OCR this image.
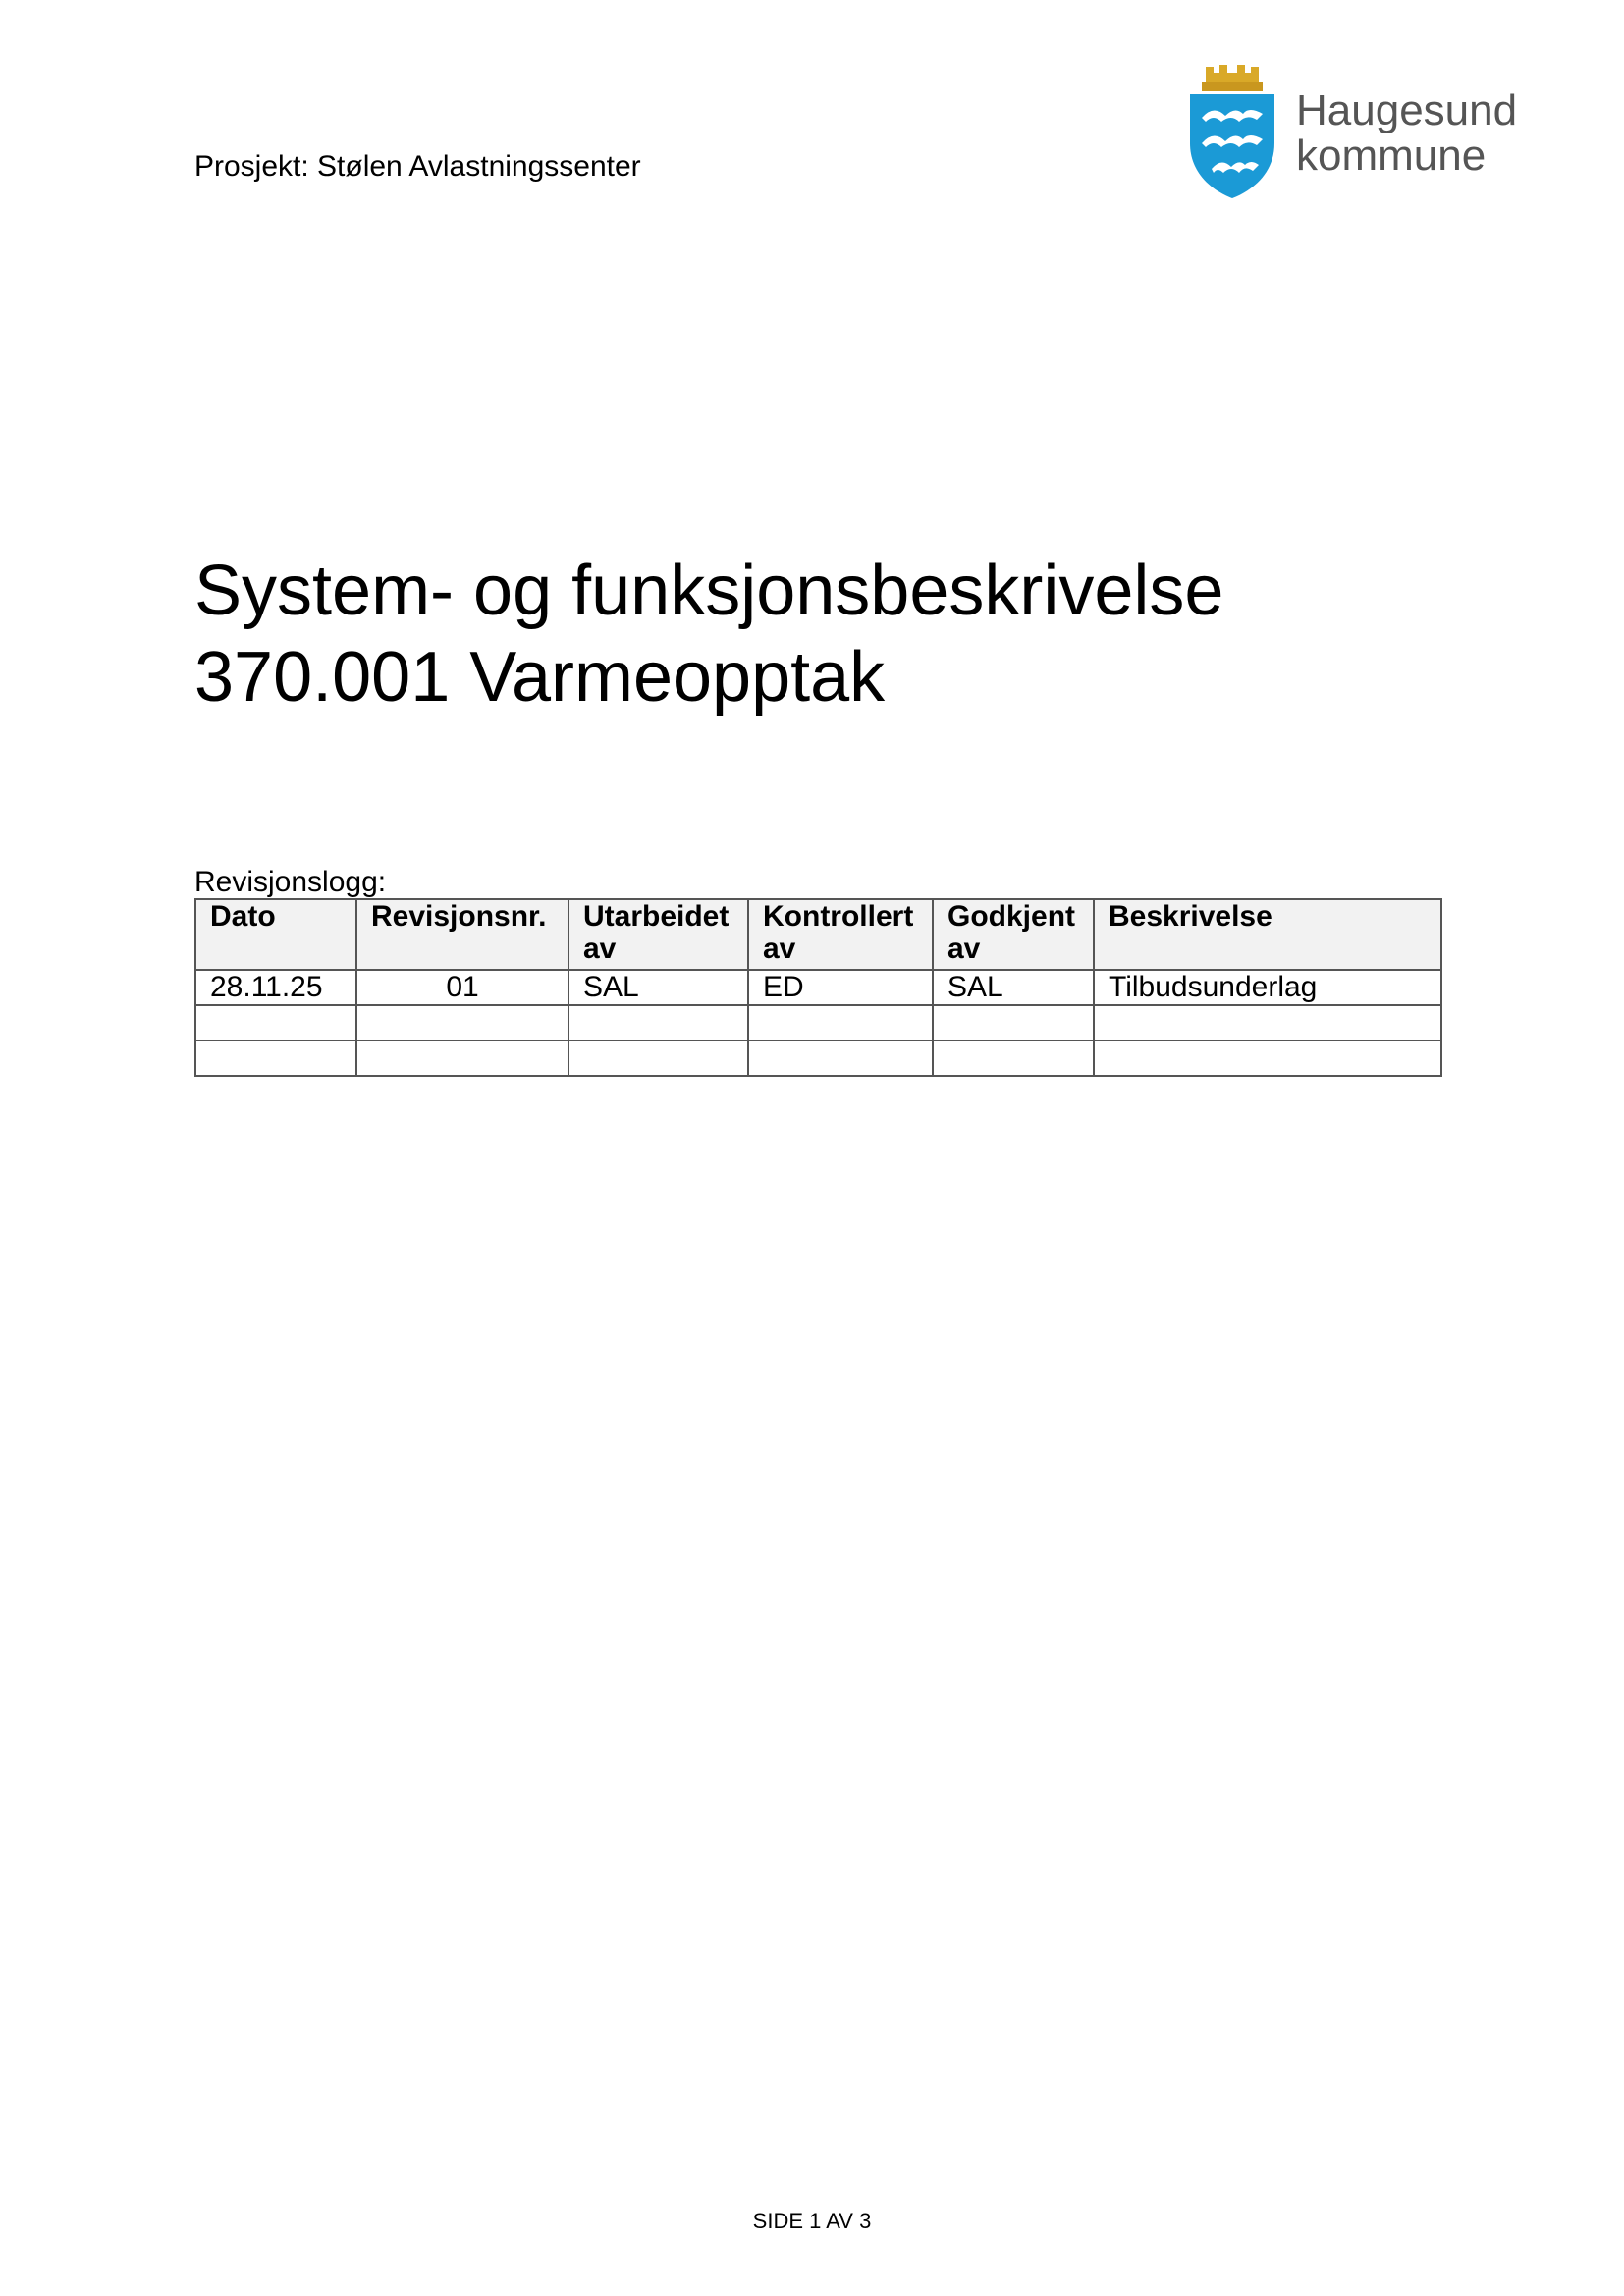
Prosjekt: Stølen Avlastningssenter
Haugesund
kommune
System- og funksjonsbeskrivelse
370.001 Varmeopptak
Revisjonslogg:
Dato	Revisjonsnr.	Utarbeidet av	Kontrollert av	Godkjent av	Beskrivelse
28.11.25	01	SAL	ED	SAL	Tilbudsunderlag

SIDE 1 AV 3
